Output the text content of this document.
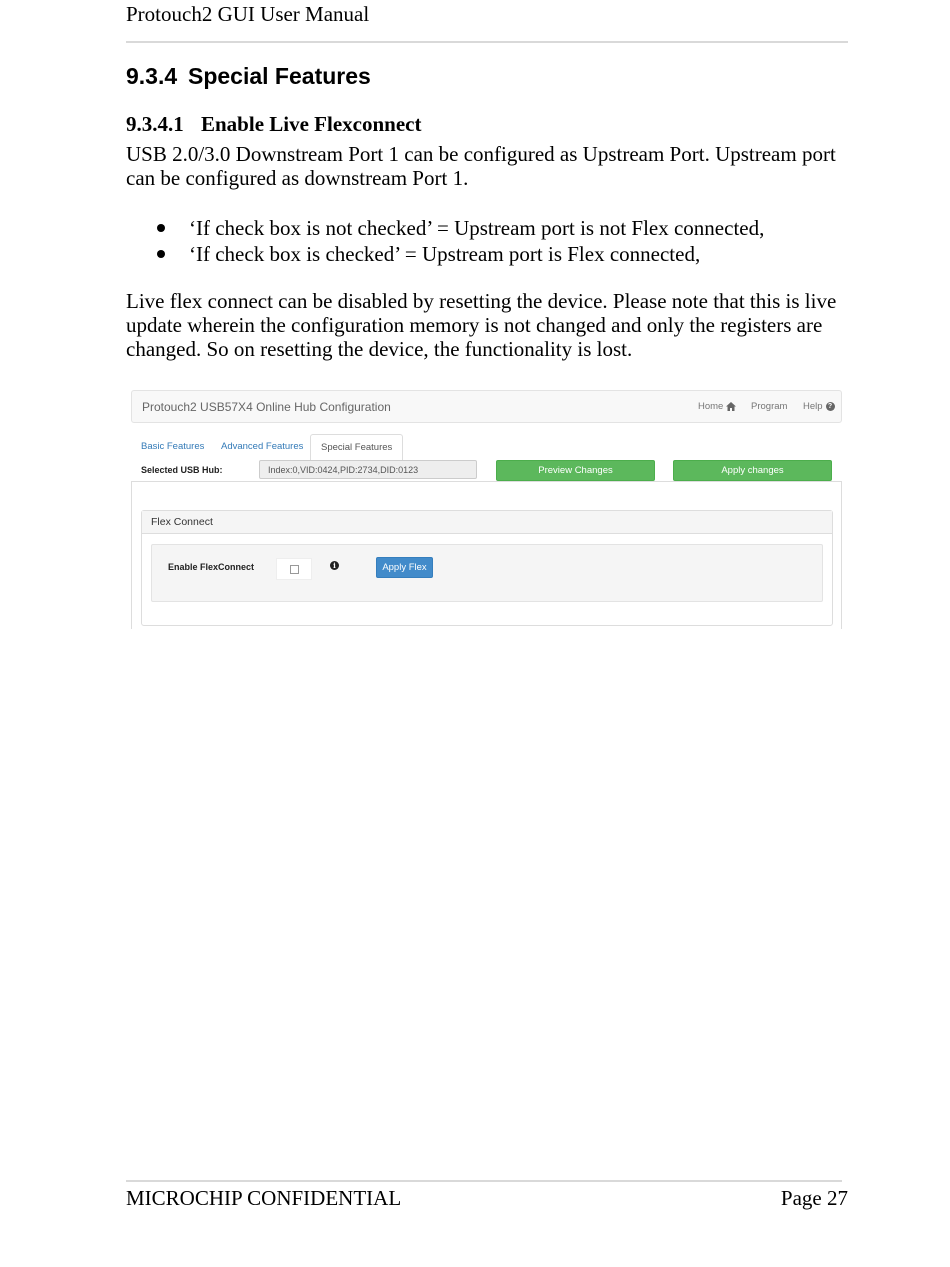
Protouch2 GUI User Manual
9.3.4 Special Features
9.3.4.1 Enable Live Flexconnect

USB 2.0/3.0 Downstream Port 1 can be configured as Upstream Port. Upstream port can be configured as downstream Port 1.

‘If check box is not checked’ = Upstream port is not Flex connected,
‘If check box is checked’ = Upstream port is Flex connected,

Live flex connect can be disabled by resetting the device. Please note that this is live update wherein the configuration memory is not changed and only the registers are changed. So on resetting the device, the functionality is lost.

Protouch2 USB57X4 Online Hub Configuration	Home	Program Help ?
Basic Features	Advanced Features	Special Features
Selected USB Hub:	Index:0,VID:0424,PID:2734,DID:0123	Preview Changes	Apply changes
Flex Connect
Enable FlexConnect	i	Apply Flex
MICROCHIP CONFIDENTIAL	Page 27
